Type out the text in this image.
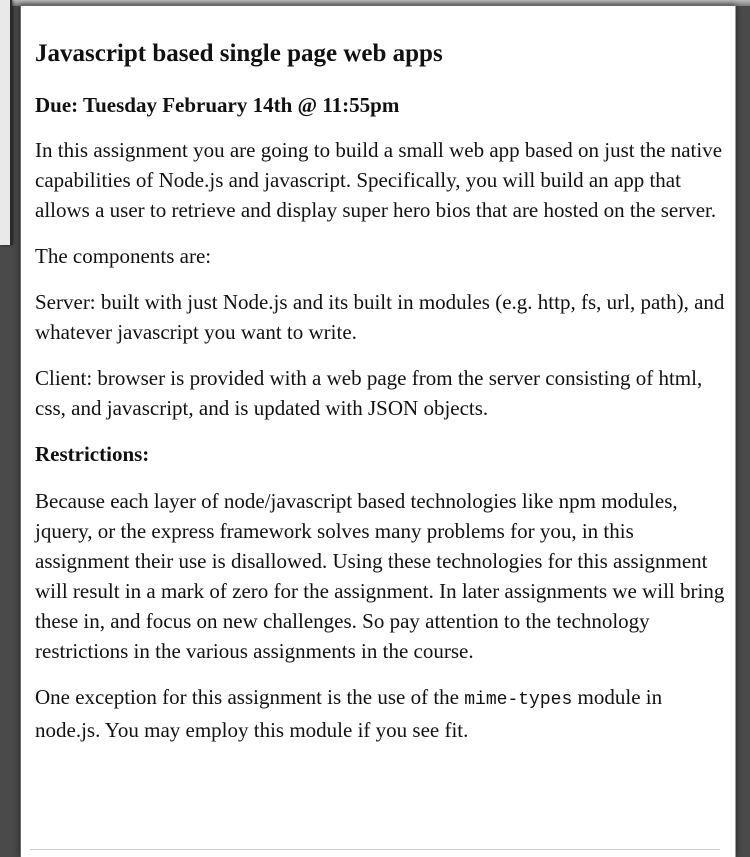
Javascript based single page web apps
Due: Tuesday February 14th @ 11:55pm

In this assignment you are going to build a small web app based on just the native capabilities of Node.js and javascript. Specifically, you will build an app that allows a user to retrieve and display super hero bios that are hosted on the server.

The components are:

Server: built with just Node.js and its built in modules (e.g. http, fs, url, path), and whatever javascript you want to write.

Client: browser is provided with a web page from the server consisting of html, css, and javascript, and is updated with JSON objects.

Restrictions:

Because each layer of node/javascript based technologies like npm modules, jquery, or the express framework solves many problems for you, in this assignment their use is disallowed. Using these technologies for this assignment will result in a mark of zero for the assignment. In later assignments we will bring these in, and focus on new challenges. So pay attention to the technology restrictions in the various assignments in the course.

One exception for this assignment is the use of the mime-types module in node.js. You may employ this module if you see fit.
